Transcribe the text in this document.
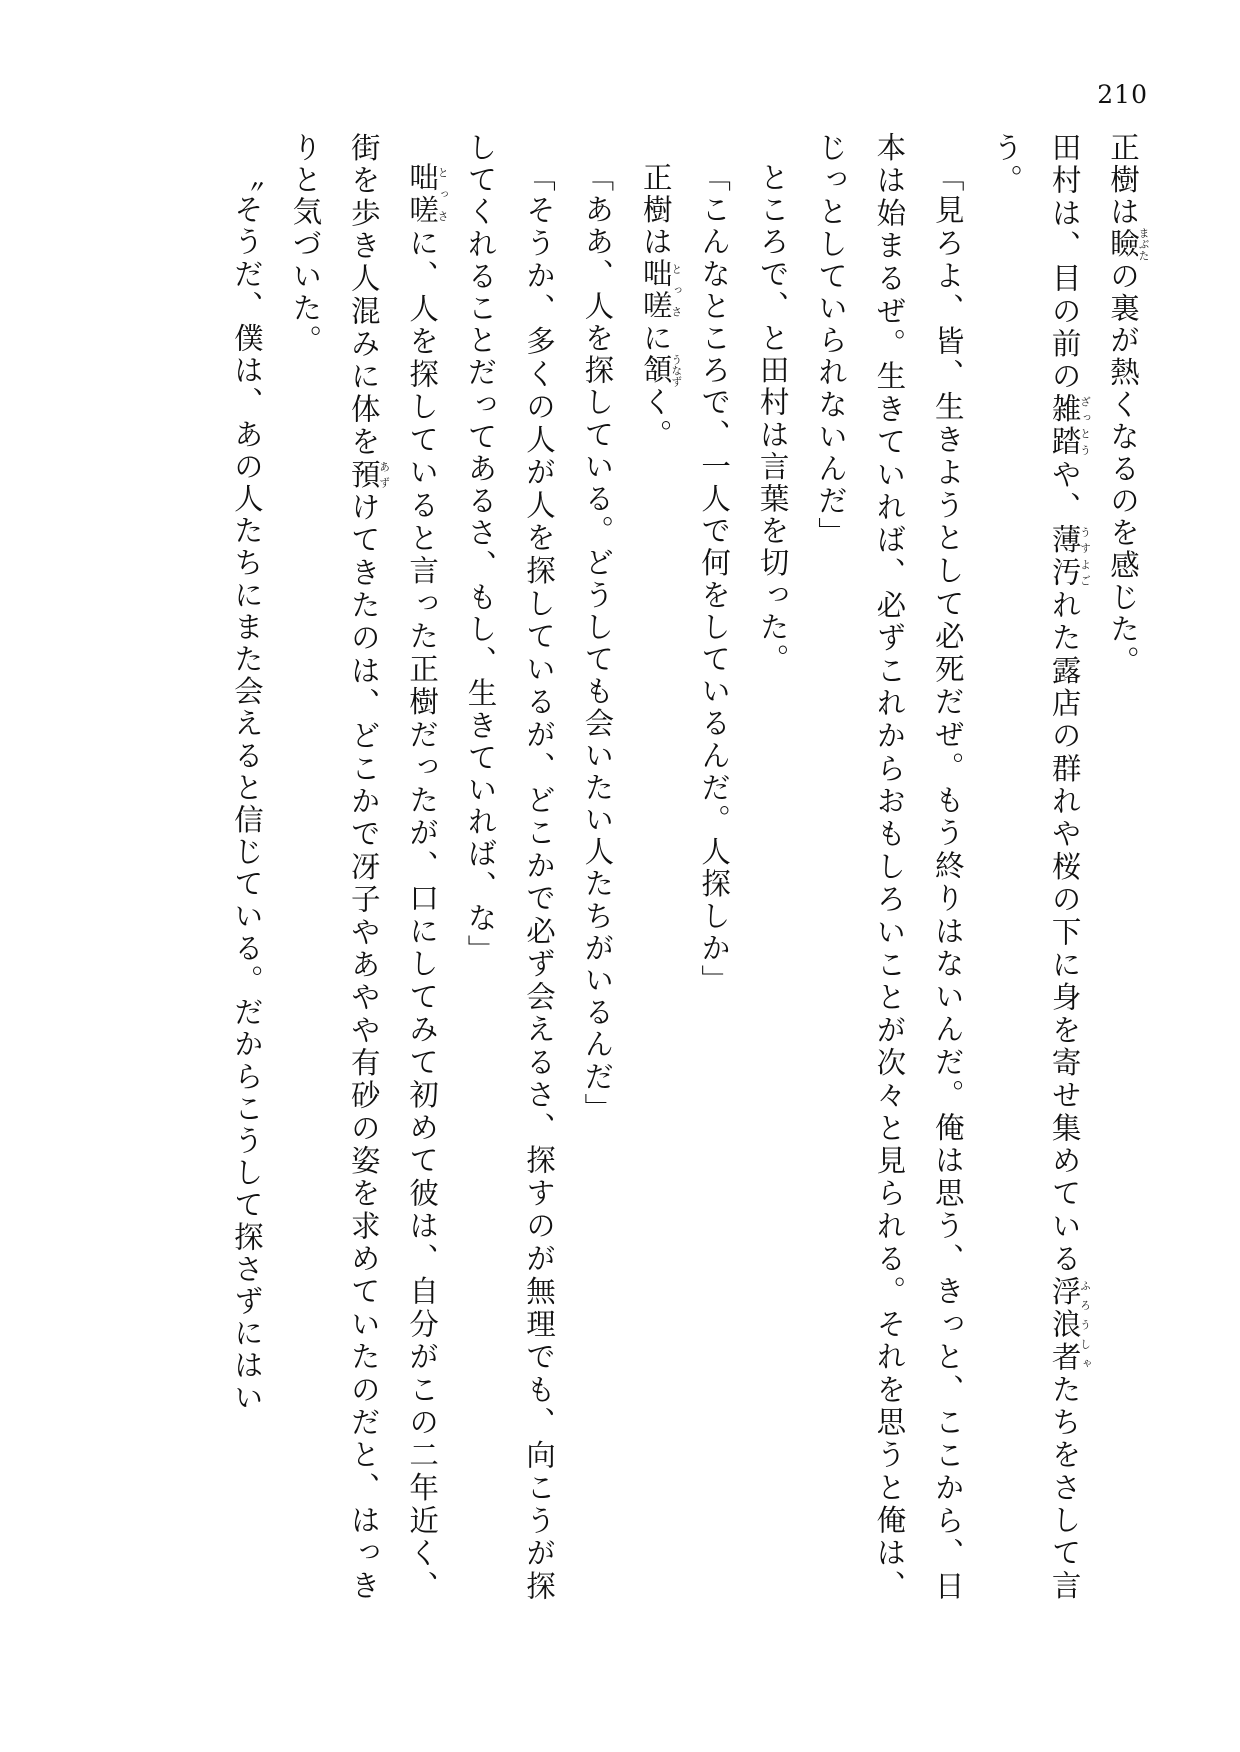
210

正樹は瞼まぶたの裏が熱くなるのを感じた。

田村は、目の前の雑踏ざっとうや、薄汚うすよごれた露店の群れや桜の下に身を寄せ集めている浮浪者ふろうしゃたちをさして言う。

「見ろよ、皆、生きようとして必死だぜ。もう終りはないんだ。俺は思う、きっと、ここから、日本は始まるぜ。生きていれば、必ずこれからおもしろいことが次々と見られる。それを思うと俺は、じっとしていられないんだ」

ところで、と田村は言葉を切った。

「こんなところで、一人で何をしているんだ。人探しか」

正樹は咄嗟とっさに頷うなずく。

「ああ、人を探している。どうしても会いたい人たちがいるんだ」

「そうか、多くの人が人を探しているが、どこかで必ず会えるさ、探すのが無理でも、向こうが探してくれることだってあるさ、もし、生きていれば、な」

咄嗟とっさに、人を探していると言った正樹だったが、口にしてみて初めて彼は、自分がこの二年近く、街を歩き人混みに体を預あずけてきたのは、どこかで冴子やあやや有砂の姿を求めていたのだと、はっきりと気づいた。

〝そうだ、僕は、あの人たちにまた会えると信じている。だからこうして探さずにはい
